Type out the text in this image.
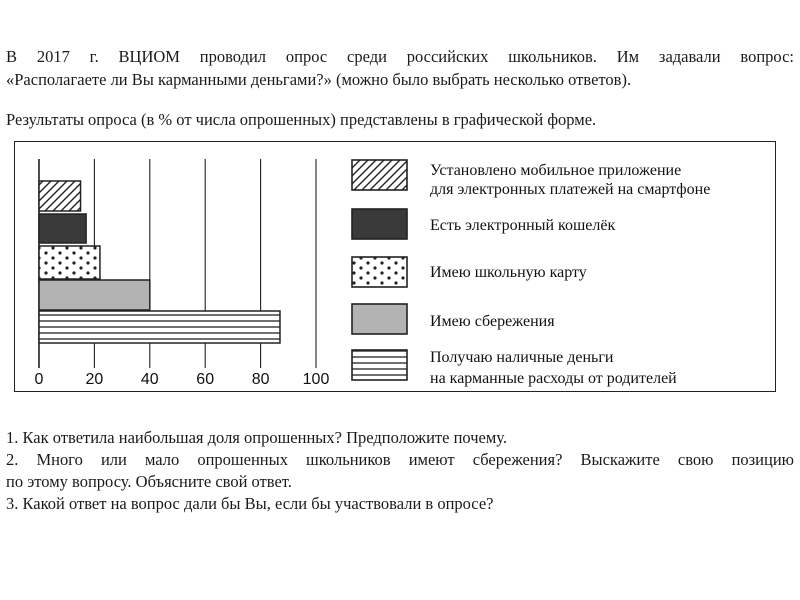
В 2017 г. ВЦИОМ проводил опрос среди российских школьников. Им задавали вопрос:

«Располагаете ли Вы карманными деньгами?» (можно было выбрать несколько ответов).

Результаты опроса (в % от числа опрошенных) представлены в графической форме.

0	20 40 60 80 100
Установлено мобильное приложение
для электронных платежей на смартфоне
Есть электронный кошелёк
Имею школьную карту
Имею сбережения
Получаю наличные деньги
на карманные расходы от родителей

1. Как ответила наибольшая доля опрошенных? Предположите почему.

2. Много или мало опрошенных школьников имеют сбережения? Выскажите свою позицию

по этому вопросу. Объясните свой ответ.

3. Какой ответ на вопрос дали бы Вы, если бы участвовали в опросе?
